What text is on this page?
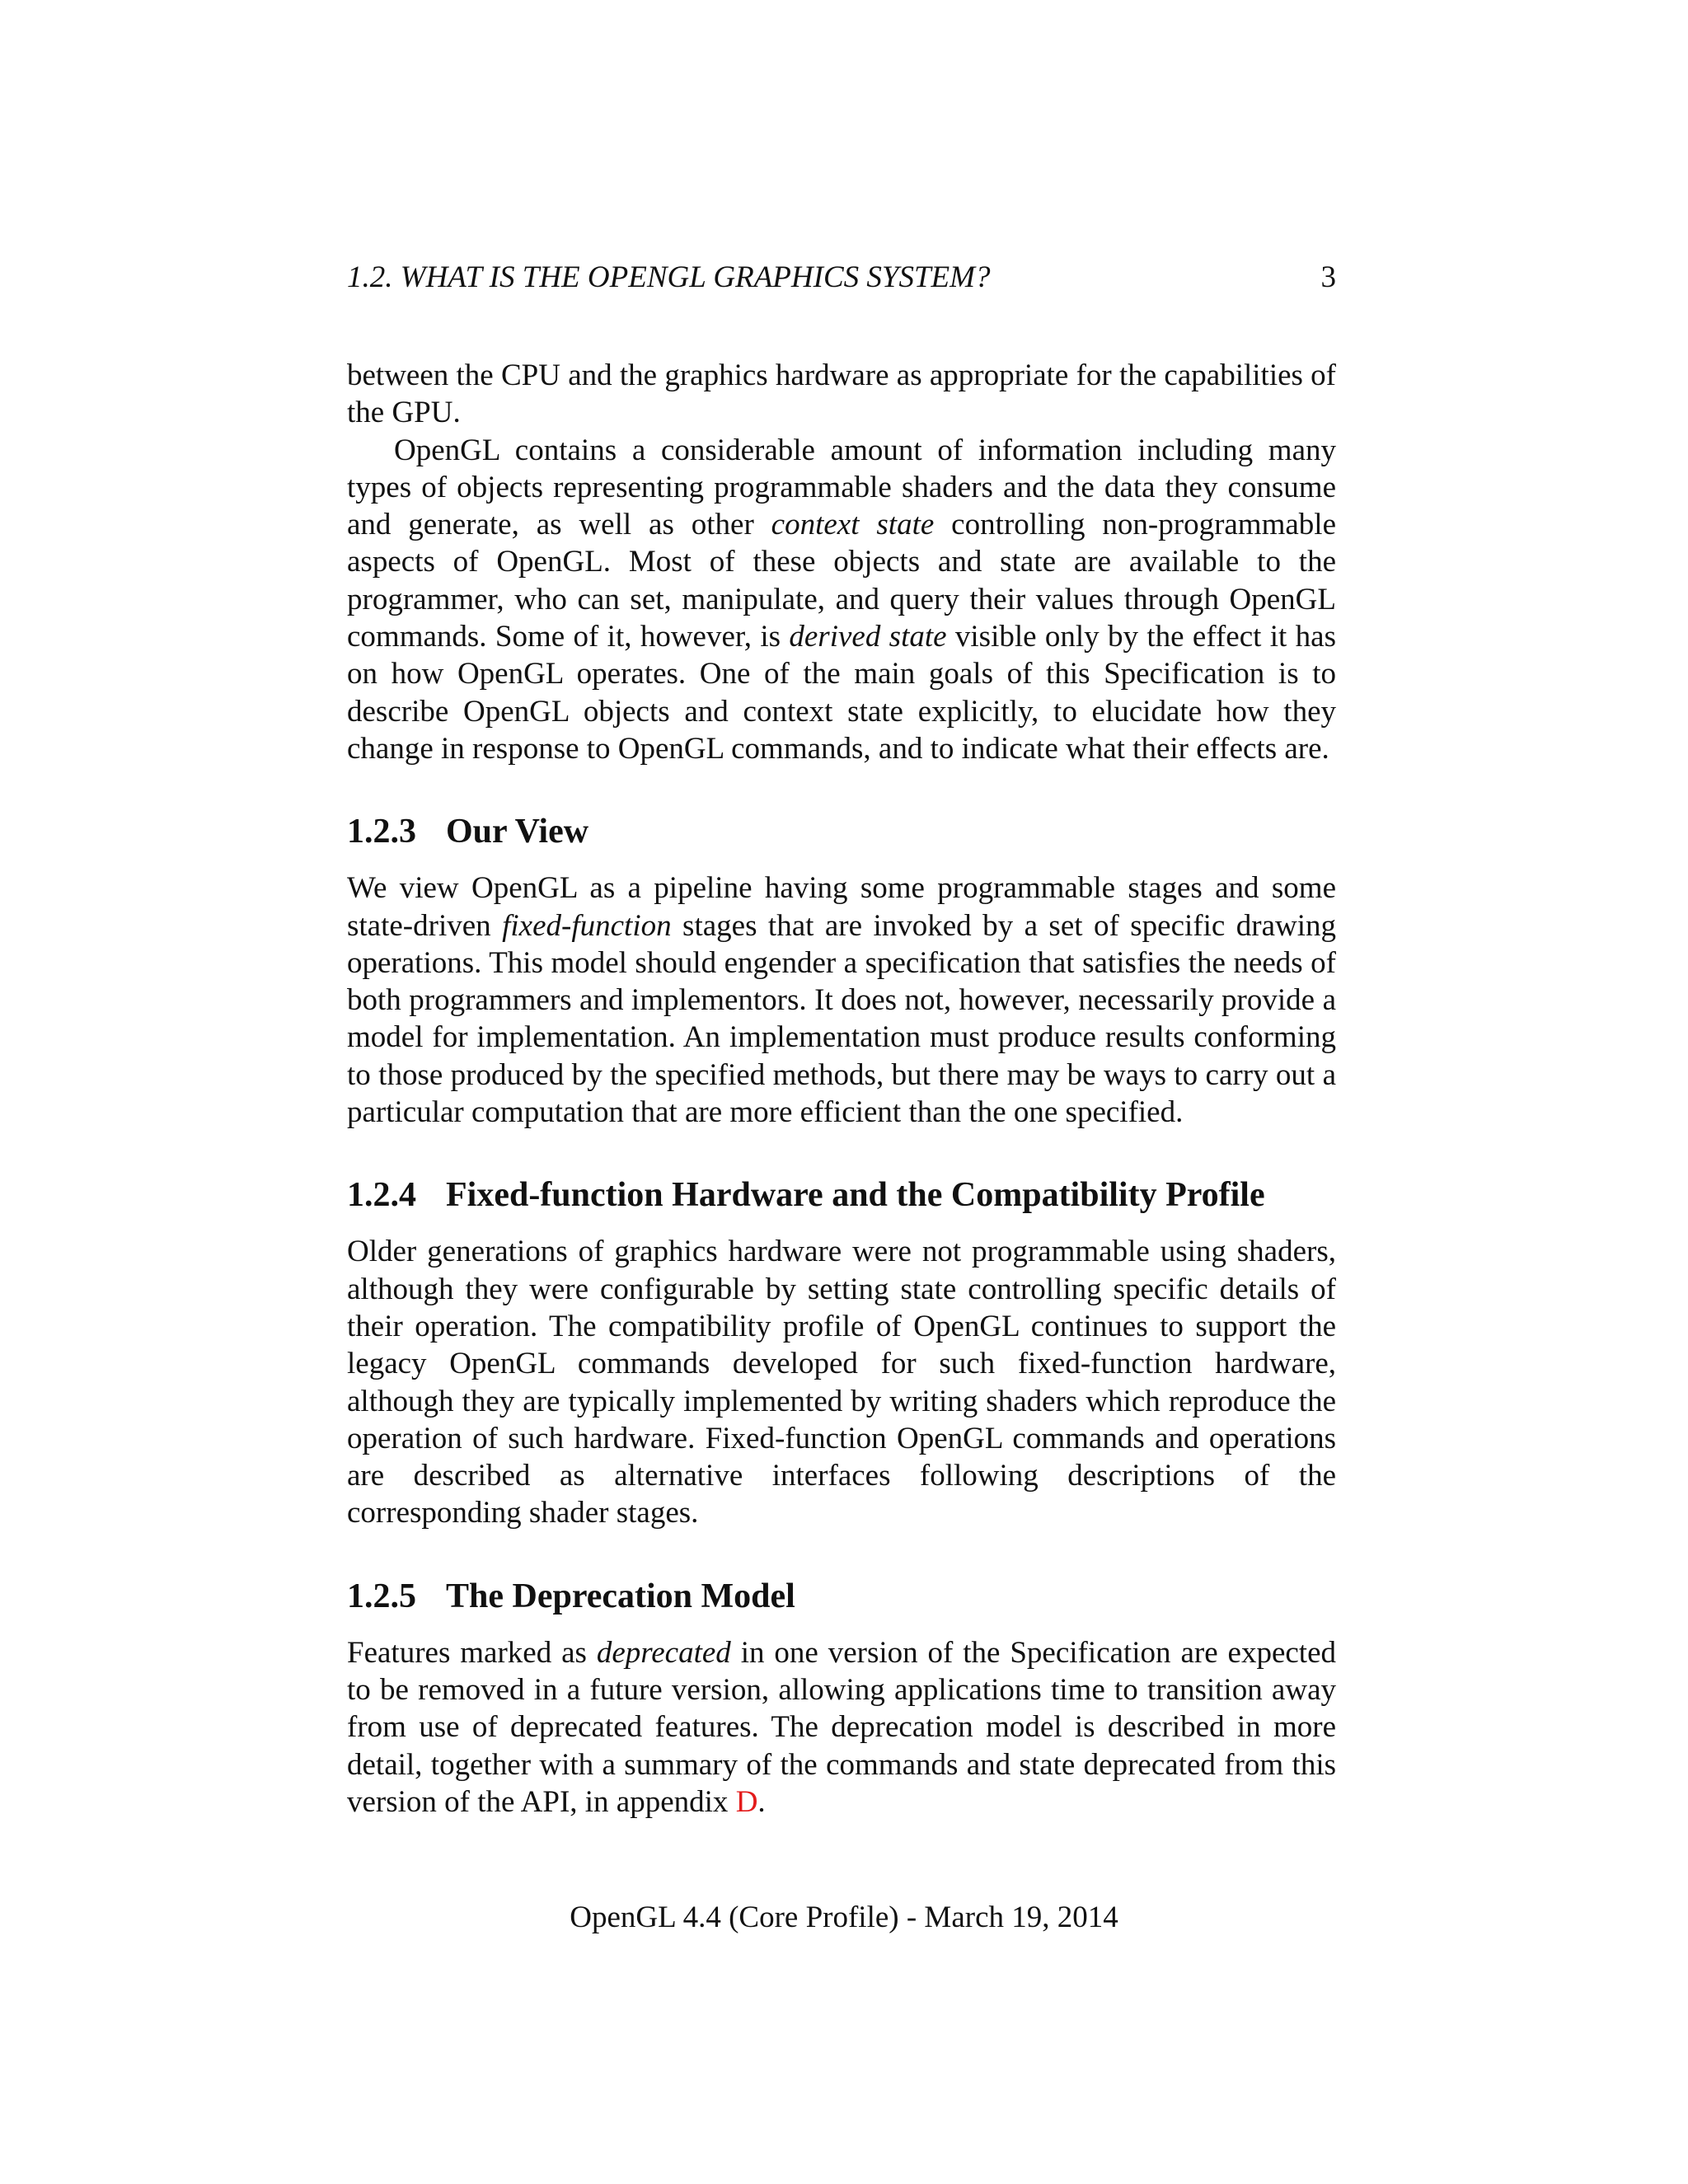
1.2. WHAT IS THE OPENGL GRAPHICS SYSTEM?	3

between the CPU and the graphics hardware as appropriate for the capabilities of the GPU.

OpenGL contains a considerable amount of information including many types of objects representing programmable shaders and the data they consume and generate, as well as other context state controlling non-programmable aspects of OpenGL. Most of these objects and state are available to the programmer, who can set, manipulate, and query their values through OpenGL commands. Some of it, however, is derived state visible only by the effect it has on how OpenGL operates. One of the main goals of this Specification is to describe OpenGL objects and context state explicitly, to elucidate how they change in response to OpenGL commands, and to indicate what their effects are.

1.2.3 Our View

We view OpenGL as a pipeline having some programmable stages and some state-driven fixed-function stages that are invoked by a set of specific drawing operations. This model should engender a specification that satisfies the needs of both programmers and implementors. It does not, however, necessarily provide a model for implementation. An implementation must produce results conforming to those produced by the specified methods, but there may be ways to carry out a particular computation that are more efficient than the one specified.

1.2.4 Fixed-function Hardware and the Compatibility Profile

Older generations of graphics hardware were not programmable using shaders, although they were configurable by setting state controlling specific details of their operation. The compatibility profile of OpenGL continues to support the legacy OpenGL commands developed for such fixed-function hardware, although they are typically implemented by writing shaders which reproduce the operation of such hardware. Fixed-function OpenGL commands and operations are described as alternative interfaces following descriptions of the corresponding shader stages.

1.2.5 The Deprecation Model

Features marked as deprecated in one version of the Specification are expected to be removed in a future version, allowing applications time to transition away from use of deprecated features. The deprecation model is described in more detail, together with a summary of the commands and state deprecated from this version of the API, in appendix D.

OpenGL 4.4 (Core Profile) - March 19, 2014
